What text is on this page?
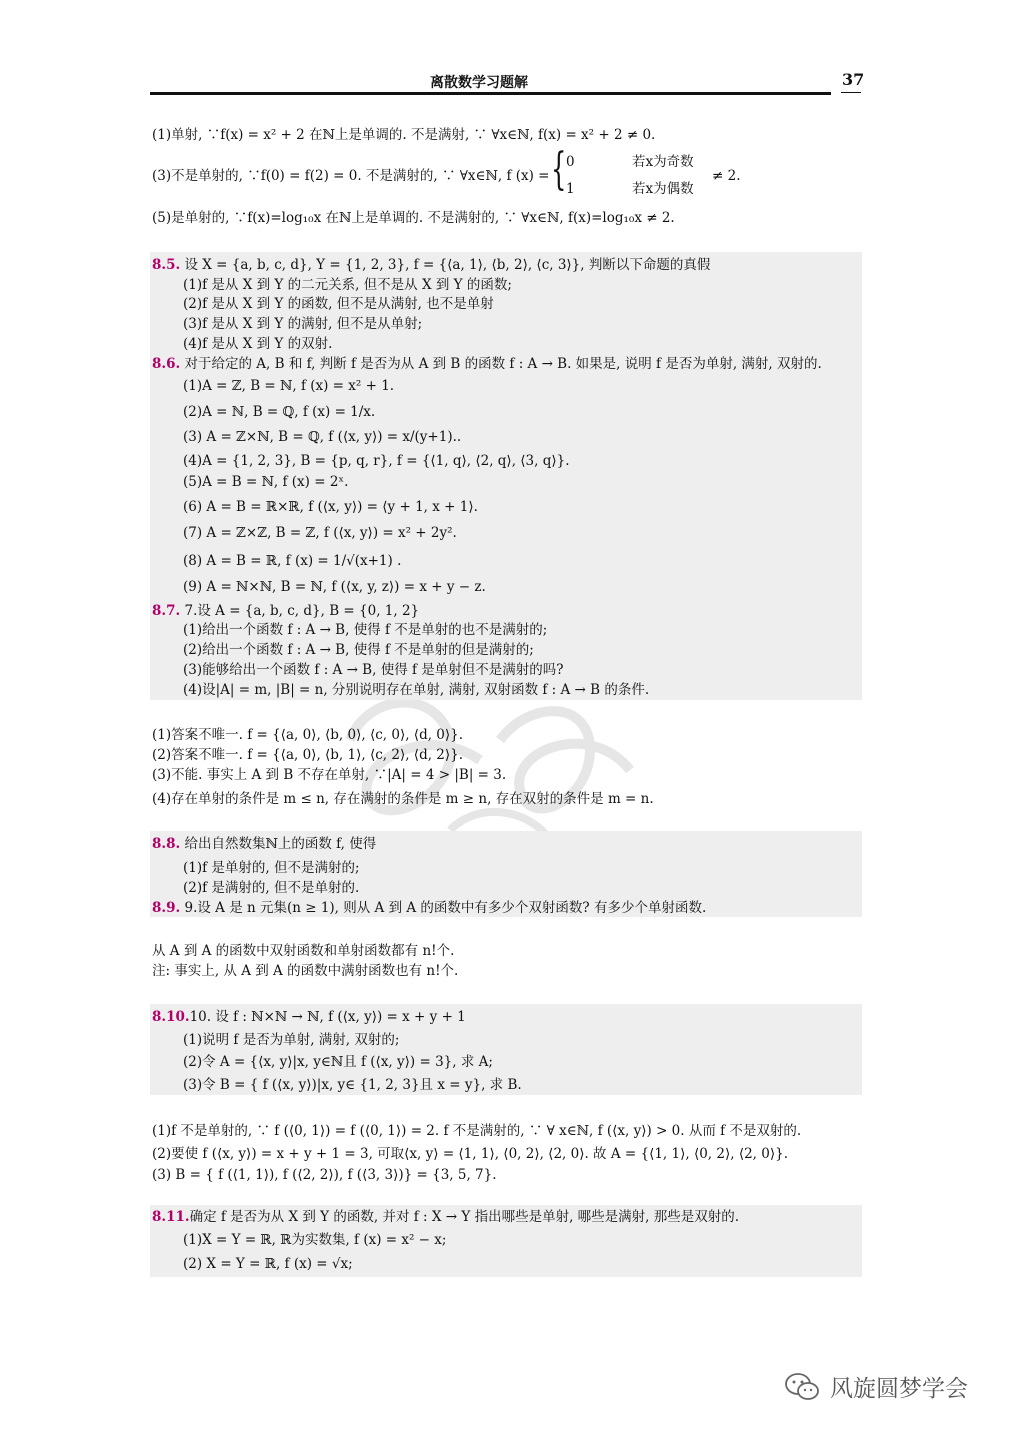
离散数学习题解	37
(1)单射, ∵f(x) = x² + 2 在ℕ上是单调的. 不是满射, ∵ ∀x∈ℕ, f(x) = x² + 2 ≠ 0.
(3)不是单射的, ∵f(0) = f(2) = 0. 不是满射的, ∵ ∀x∈ℕ, f (x) = { 0	若x为奇数
1	若x为偶数
≠ 2.
(5)是单射的, ∵f(x)=log₁₀x 在ℕ上是单调的. 不是满射的, ∵ ∀x∈ℕ, f(x)=log₁₀x ≠ 2.
8.5. 设 X = {a, b, c, d}, Y = {1, 2, 3}, f = {⟨a, 1⟩, ⟨b, 2⟩, ⟨c, 3⟩}, 判断以下命题的真假
(1)f 是从 X 到 Y 的二元关系, 但不是从 X 到 Y 的函数;
(2)f 是从 X 到 Y 的函数, 但不是从满射, 也不是单射
(3)f 是从 X 到 Y 的满射, 但不是从单射;
(4)f 是从 X 到 Y 的双射.
8.6. 对于给定的 A, B 和 f, 判断 f 是否为从 A 到 B 的函数 f : A → B. 如果是, 说明 f 是否为单射, 满射, 双射的.
(1)A = ℤ, B = ℕ, f (x) = x² + 1.
(2)A = ℕ, B = ℚ, f (x) = 1/x.
(3) A = ℤ×ℕ, B = ℚ, f (⟨x, y⟩) = x/(y+1)..
(4)A = {1, 2, 3}, B = {p, q, r}, f = {⟨1, q⟩, ⟨2, q⟩, ⟨3, q⟩}.
(5)A = B = ℕ, f (x) = 2ˣ.
(6) A = B = ℝ×ℝ, f (⟨x, y⟩) = ⟨y + 1, x + 1⟩.
(7) A = ℤ×ℤ, B = ℤ, f (⟨x, y⟩) = x² + 2y².
(8) A = B = ℝ, f (x) = 1/√(x+1) .
(9) A = ℕ×ℕ, B = ℕ, f (⟨x, y, z⟩) = x + y − z.
8.7. 7.设 A = {a, b, c, d}, B = {0, 1, 2}
(1)给出一个函数 f : A → B, 使得 f 不是单射的也不是满射的;
(2)给出一个函数 f : A → B, 使得 f 不是单射的但是满射的;
(3)能够给出一个函数 f : A → B, 使得 f 是单射但不是满射的吗?
(4)设|A| = m, |B| = n, 分别说明存在单射, 满射, 双射函数 f : A → B 的条件.
(1)答案不唯一. f = {⟨a, 0⟩, ⟨b, 0⟩, ⟨c, 0⟩, ⟨d, 0⟩}.
(2)答案不唯一. f = {⟨a, 0⟩, ⟨b, 1⟩, ⟨c, 2⟩, ⟨d, 2⟩}.
(3)不能. 事实上 A 到 B 不存在单射, ∵|A| = 4 > |B| = 3.
(4)存在单射的条件是 m ≤ n, 存在满射的条件是 m ≥ n, 存在双射的条件是 m = n.
8.8. 给出自然数集ℕ上的函数 f, 使得
(1)f 是单射的, 但不是满射的;
(2)f 是满射的, 但不是单射的.
8.9. 9.设 A 是 n 元集(n ≥ 1), 则从 A 到 A 的函数中有多少个双射函数? 有多少个单射函数.
从 A 到 A 的函数中双射函数和单射函数都有 n!个.
注: 事实上, 从 A 到 A 的函数中满射函数也有 n!个.
8.10.10. 设 f : ℕ×ℕ → ℕ, f (⟨x, y⟩) = x + y + 1
(1)说明 f 是否为单射, 满射, 双射的;
(2)令 A = {⟨x, y⟩|x, y∈ℕ且 f (⟨x, y⟩) = 3}, 求 A;
(3)令 B = { f (⟨x, y⟩)|x, y∈ {1, 2, 3}且 x = y}, 求 B.
(1)f 不是单射的, ∵ f (⟨0, 1⟩) = f (⟨0, 1⟩) = 2. f 不是满射的, ∵ ∀ x∈ℕ, f (⟨x, y⟩) > 0. 从而 f 不是双射的.
(2)要使 f (⟨x, y⟩) = x + y + 1 = 3, 可取⟨x, y⟩ = ⟨1, 1⟩, ⟨0, 2⟩, ⟨2, 0⟩. 故 A = {⟨1, 1⟩, ⟨0, 2⟩, ⟨2, 0⟩}.
(3) B = { f (⟨1, 1⟩), f (⟨2, 2⟩), f (⟨3, 3⟩)} = {3, 5, 7}.
8.11.确定 f 是否为从 X 到 Y 的函数, 并对 f : X → Y 指出哪些是单射, 哪些是满射, 那些是双射的.
(1)X = Y = ℝ, ℝ为实数集, f (x) = x² − x;
(2) X = Y = ℝ, f (x) = √x;
风旋圆梦学会
